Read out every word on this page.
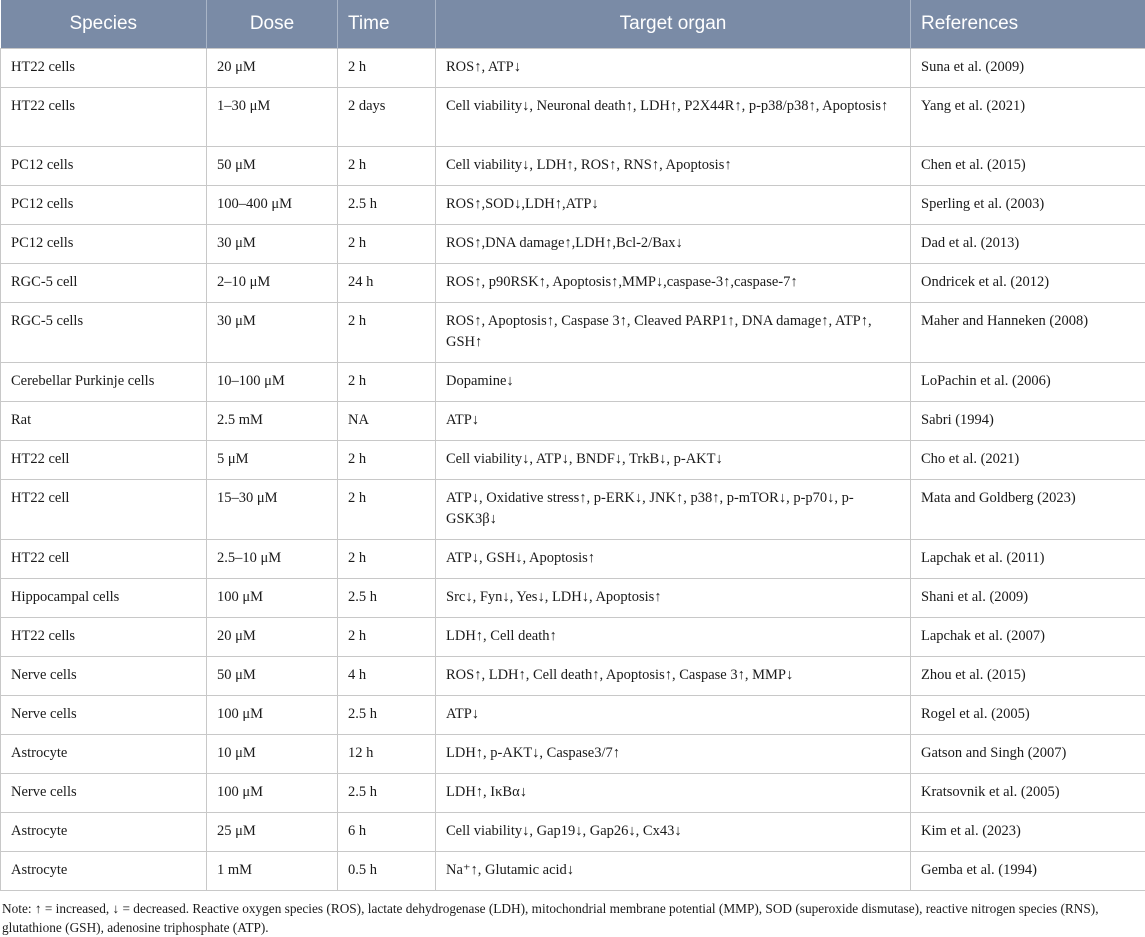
Species	Dose	Time	Target organ	References
HT22 cells	20 μM	2 h	ROS↑, ATP↓	Suna et al. (2009)
HT22 cells	1–30 μM	2 days	Cell viability↓, Neuronal death↑, LDH↑, P2X44R↑, p-p38/p38↑, Apoptosis↑	Yang et al. (2021)
PC12 cells	50 μM	2 h	Cell viability↓, LDH↑, ROS↑, RNS↑, Apoptosis↑	Chen et al. (2015)
PC12 cells	100–400 μM	2.5 h	ROS↑,SOD↓,LDH↑,ATP↓	Sperling et al. (2003)
PC12 cells	30 μM	2 h	ROS↑,DNA damage↑,LDH↑,Bcl-2/Bax↓	Dad et al. (2013)
RGC-5 cell	2–10 μM	24 h	ROS↑, p90RSK↑, Apoptosis↑,MMP↓,caspase-3↑,caspase-7↑	Ondricek et al. (2012)
RGC-5 cells	30 μM	2 h	ROS↑, Apoptosis↑, Caspase 3↑, Cleaved PARP1↑, DNA damage↑, ATP↑, GSH↑	Maher and Hanneken (2008)
Cerebellar Purkinje cells	10–100 μM	2 h	Dopamine↓	LoPachin et al. (2006)
Rat	2.5 mM	NA	ATP↓	Sabri (1994)
HT22 cell	5 μM	2 h	Cell viability↓, ATP↓, BNDF↓, TrkB↓, p-AKT↓	Cho et al. (2021)
HT22 cell	15–30 μM	2 h	ATP↓, Oxidative stress↑, p-ERK↓, JNK↑, p38↑, p-mTOR↓, p-p70↓, p-GSK3β↓	Mata and Goldberg (2023)
HT22 cell	2.5–10 μM	2 h	ATP↓, GSH↓, Apoptosis↑	Lapchak et al. (2011)
Hippocampal cells	100 μM	2.5 h	Src↓, Fyn↓, Yes↓, LDH↓, Apoptosis↑	Shani et al. (2009)
HT22 cells	20 μM	2 h	LDH↑, Cell death↑	Lapchak et al. (2007)
Nerve cells	50 μM	4 h	ROS↑, LDH↑, Cell death↑, Apoptosis↑, Caspase 3↑, MMP↓	Zhou et al. (2015)
Nerve cells	100 μM	2.5 h	ATP↓	Rogel et al. (2005)
Astrocyte	10 μM	12 h	LDH↑, p-AKT↓, Caspase3/7↑	Gatson and Singh (2007)
Nerve cells	100 μM	2.5 h	LDH↑, IκBα↓	Kratsovnik et al. (2005)
Astrocyte	25 μM	6 h	Cell viability↓, Gap19↓, Gap26↓, Cx43↓	Kim et al. (2023)
Astrocyte	1 mM	0.5 h	Na⁺↑, Glutamic acid↓	Gemba et al. (1994)
Note: ↑ = increased, ↓ = decreased. Reactive oxygen species (ROS), lactate dehydrogenase (LDH), mitochondrial membrane potential (MMP), SOD (superoxide dismutase), reactive nitrogen species (RNS), glutathione (GSH), adenosine triphosphate (ATP).
